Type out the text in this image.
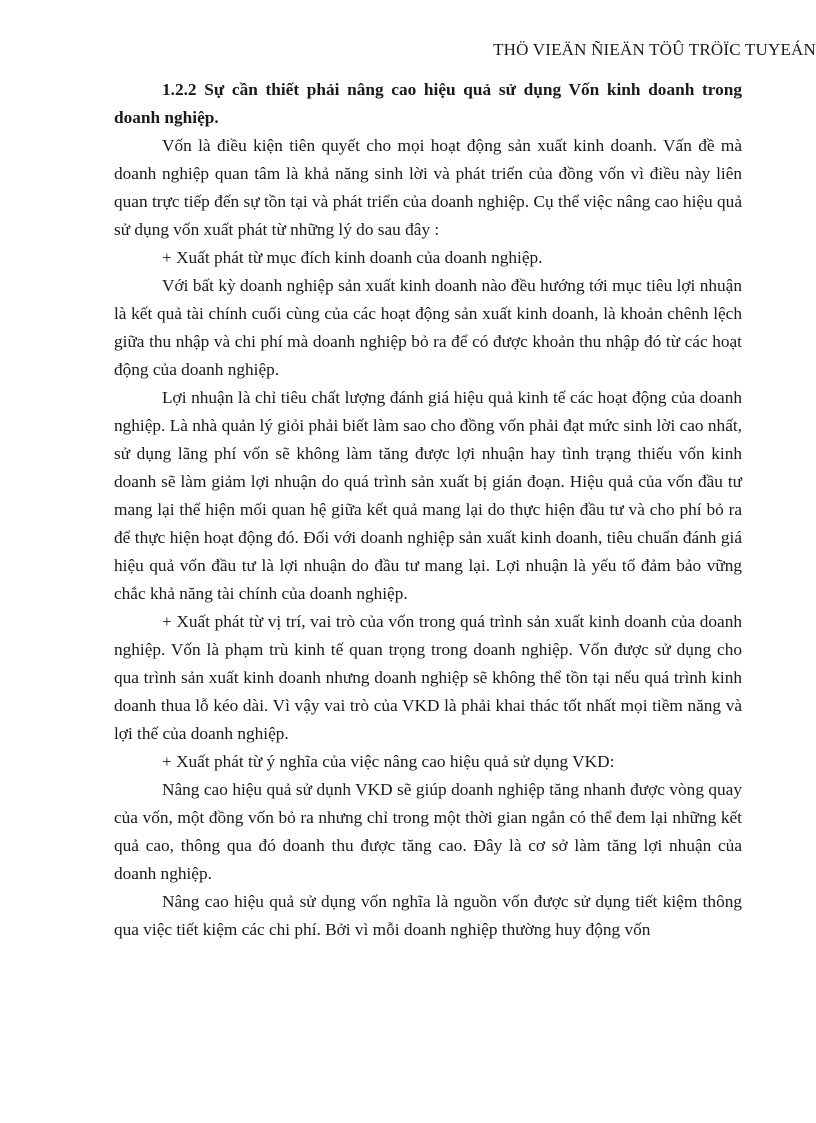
THÖ VIEÄN ÑIEÄN TÖÛ TRÖÏC TUYEÁN
1.2.2 Sự cần thiết phải nâng cao hiệu quả sử dụng Vốn kinh doanh trong doanh nghiệp.

Vốn là điều kiện tiên quyết cho mọi hoạt động sản xuất kinh doanh. Vấn đề mà doanh nghiệp quan tâm là khả năng sinh lời và phát triển của đồng vốn vì điều này liên quan trực tiếp đến sự tồn tại và phát triển của doanh nghiệp. Cụ thể việc nâng cao hiệu quả sử dụng vốn xuất phát từ những lý do sau đây :

+ Xuất phát từ mục đích kinh doanh của doanh nghiệp.

Với bất kỳ doanh nghiệp sản xuất kinh doanh nào đều hướng tới mục tiêu lợi nhuận là kết quả tài chính cuối cùng của các hoạt động sản xuất kinh doanh, là khoản chênh lệch giữa thu nhập và chi phí mà doanh nghiệp bỏ ra để có được khoản thu nhập đó từ các hoạt động của doanh nghiệp.

Lợi nhuận là chỉ tiêu chất lượng đánh giá hiệu quả kinh tế các hoạt động của doanh nghiệp. Là nhà quản lý giỏi phải biết làm sao cho đồng vốn phải đạt mức sinh lời cao nhất, sử dụng lãng phí vốn sẽ không làm tăng được lợi nhuận hay tình trạng thiếu vốn kinh doanh sẽ làm giảm lợi nhuận do quá trình sản xuất bị gián đoạn. Hiệu quả của vốn đầu tư mang lại thể hiện mối quan hệ giữa kết quả mang lại do thực hiện đầu tư và cho phí bỏ ra để thực hiện hoạt động đó. Đối với doanh nghiệp sản xuất kinh doanh, tiêu chuẩn đánh giá hiệu quả vốn đầu tư là lợi nhuận do đầu tư mang lại. Lợi nhuận là yếu tố đảm bảo vững chắc khả năng tài chính của doanh nghiệp.

+ Xuất phát từ vị trí, vai trò của vốn trong quá trình sản xuất kinh doanh của doanh nghiệp. Vốn là phạm trù kinh tế quan trọng trong doanh nghiệp. Vốn được sử dụng cho qua trình sản xuất kinh doanh nhưng doanh nghiệp sẽ không thể tồn tại nếu quá trình kinh doanh thua lỗ kéo dài. Vì vậy vai trò của VKD là phải khai thác tốt nhất mọi tiềm năng và lợi thế của doanh nghiệp.

+ Xuất phát từ ý nghĩa của việc nâng cao hiệu quả sử dụng VKD:

Nâng cao hiệu quả sử dụnh VKD sẽ giúp doanh nghiệp tăng nhanh được vòng quay của vốn, một đồng vốn bỏ ra nhưng chỉ trong một thời gian ngắn có thể đem lại những kết quả cao, thông qua đó doanh thu được tăng cao. Đây là cơ sở làm tăng lợi nhuận của doanh nghiệp.

Nâng cao hiệu quả sử dụng vốn nghĩa là nguồn vốn được sử dụng tiết kiệm thông qua việc tiết kiệm các chi phí. Bởi vì mỗi doanh nghiệp thường huy động vốn
